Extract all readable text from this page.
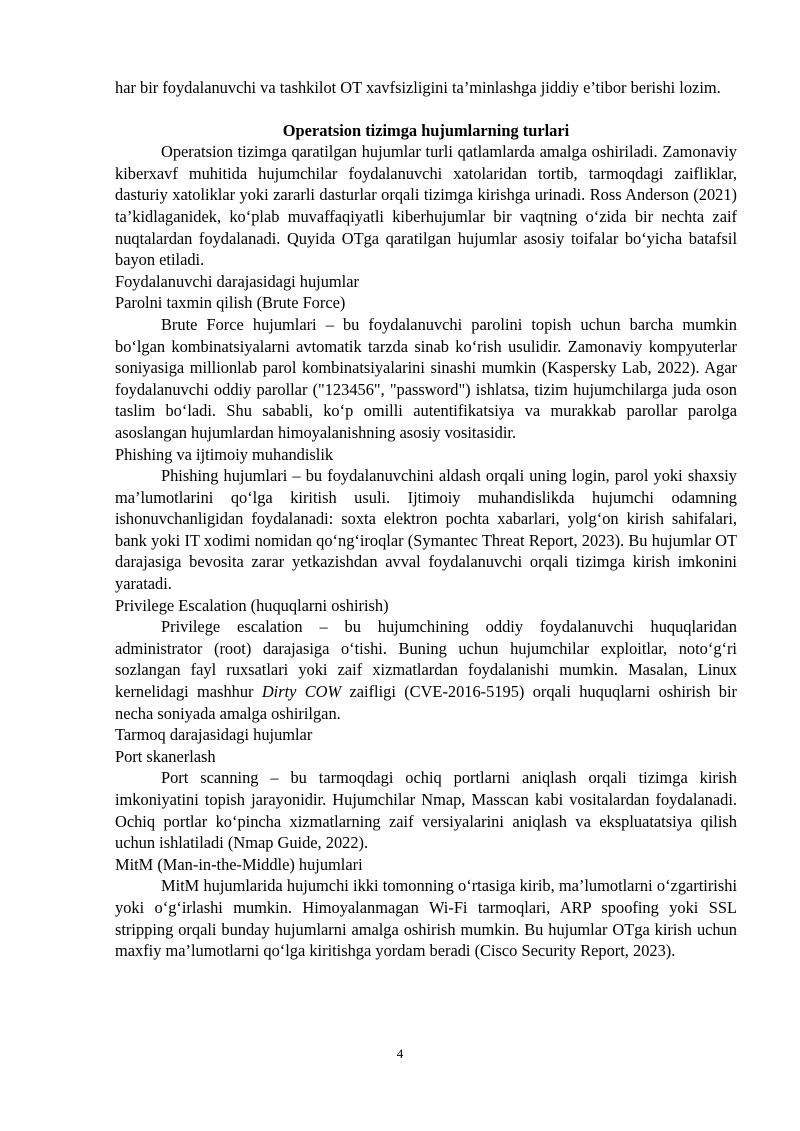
har bir foydalanuvchi va tashkilot OT xavfsizligini ta’minlashga jiddiy e’tibor berishi lozim.

Operatsion tizimga hujumlarning turlari

Operatsion tizimga qaratilgan hujumlar turli qatlamlarda amalga oshiriladi. Zamonaviy kiberxavf muhitida hujumchilar foydalanuvchi xatolaridan tortib, tarmoqdagi zaifliklar, dasturiy xatoliklar yoki zararli dasturlar orqali tizimga kirishga urinadi. Ross Anderson (2021) ta’kidlaganidek, ko‘plab muvaffaqiyatli kiberhujumlar bir vaqtning o‘zida bir nechta zaif nuqtalardan foydalanadi. Quyida OTga qaratilgan hujumlar asosiy toifalar bo‘yicha batafsil bayon etiladi.

Foydalanuvchi darajasidagi hujumlar

Parolni taxmin qilish (Brute Force)

Brute Force hujumlari – bu foydalanuvchi parolini topish uchun barcha mumkin bo‘lgan kombinatsiyalarni avtomatik tarzda sinab ko‘rish usulidir. Zamonaviy kompyuterlar soniyasiga millionlab parol kombinatsiyalarini sinashi mumkin (Kaspersky Lab, 2022). Agar foydalanuvchi oddiy parollar ("123456", "password") ishlatsa, tizim hujumchilarga juda oson taslim bo‘ladi. Shu sababli, ko‘p omilli autentifikatsiya va murakkab parollar parolga asoslangan hujumlardan himoyalanishning asosiy vositasidir.

Phishing va ijtimoiy muhandislik

Phishing hujumlari – bu foydalanuvchini aldash orqali uning login, parol yoki shaxsiy ma’lumotlarini qo‘lga kiritish usuli. Ijtimoiy muhandislikda hujumchi odamning ishonuvchanligidan foydalanadi: soxta elektron pochta xabarlari, yolg‘on kirish sahifalari, bank yoki IT xodimi nomidan qo‘ng‘iroqlar (Symantec Threat Report, 2023). Bu hujumlar OT darajasiga bevosita zarar yetkazishdan avval foydalanuvchi orqali tizimga kirish imkonini yaratadi.

Privilege Escalation (huquqlarni oshirish)

Privilege escalation – bu hujumchining oddiy foydalanuvchi huquqlaridan administrator (root) darajasiga o‘tishi. Buning uchun hujumchilar exploitlar, noto‘g‘ri sozlangan fayl ruxsatlari yoki zaif xizmatlardan foydalanishi mumkin. Masalan, Linux kernelidagi mashhur Dirty COW zaifligi (CVE-2016-5195) orqali huquqlarni oshirish bir necha soniyada amalga oshirilgan.

Tarmoq darajasidagi hujumlar

Port skanerlash

Port scanning – bu tarmoqdagi ochiq portlarni aniqlash orqali tizimga kirish imkoniyatini topish jarayonidir. Hujumchilar Nmap, Masscan kabi vositalardan foydalanadi. Ochiq portlar ko‘pincha xizmatlarning zaif versiyalarini aniqlash va ekspluatatsiya qilish uchun ishlatiladi (Nmap Guide, 2022).

MitM (Man-in-the-Middle) hujumlari

MitM hujumlarida hujumchi ikki tomonning o‘rtasiga kirib, ma’lumotlarni o‘zgartirishi yoki o‘g‘irlashi mumkin. Himoyalanmagan Wi-Fi tarmoqlari, ARP spoofing yoki SSL stripping orqali bunday hujumlarni amalga oshirish mumkin. Bu hujumlar OTga kirish uchun maxfiy ma’lumotlarni qo‘lga kiritishga yordam beradi (Cisco Security Report, 2023).

4
